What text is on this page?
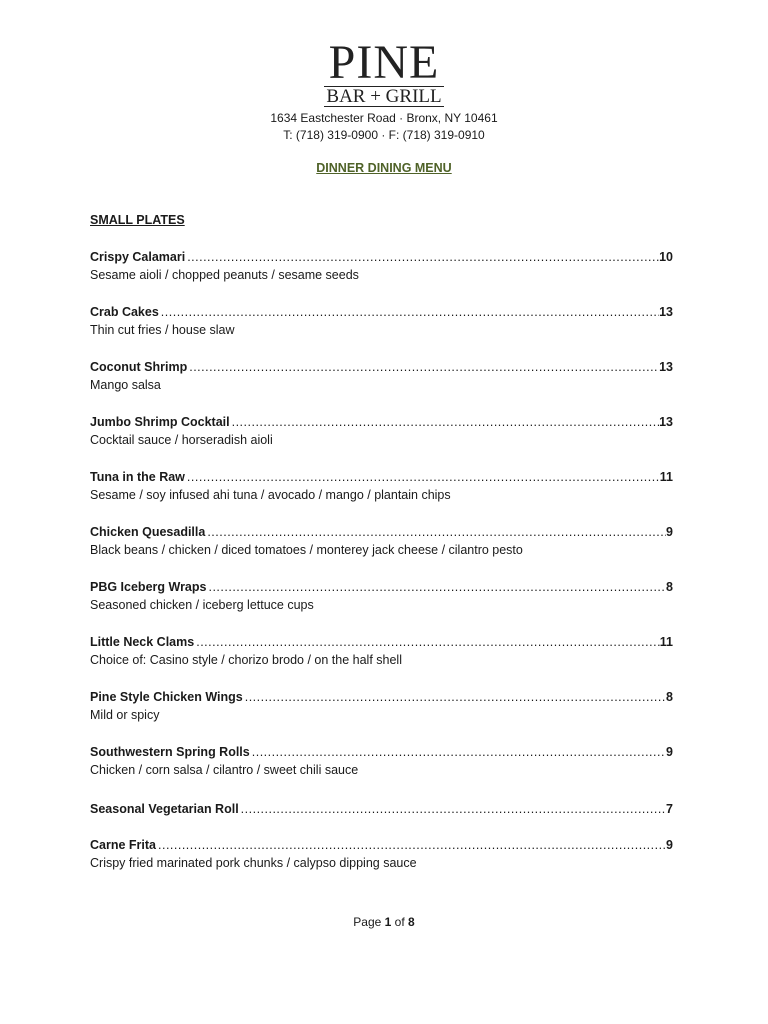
PINE
BAR + GRILL
1634 Eastchester Road · Bronx, NY 10461
T: (718) 319-0900 · F: (718) 319-0910
DINNER DINING MENU
SMALL PLATES
Crispy Calamari .....	10
Sesame aioli / chopped peanuts / sesame seeds
Crab Cakes .....	13
Thin cut fries / house slaw
Coconut Shrimp .....	13
Mango salsa
Jumbo Shrimp Cocktail .....	13
Cocktail sauce / horseradish aioli
Tuna in the Raw .....	11
Sesame / soy infused ahi tuna / avocado / mango / plantain chips
Chicken Quesadilla .....	9
Black beans / chicken / diced tomatoes / monterey jack cheese / cilantro pesto
PBG Iceberg Wraps .....	8
Seasoned chicken / iceberg lettuce cups
Little Neck Clams .....	11
Choice of: Casino style / chorizo brodo / on the half shell
Pine Style Chicken Wings .....	8
Mild or spicy
Southwestern Spring Rolls .....	9
Chicken / corn salsa / cilantro / sweet chili sauce
Seasonal Vegetarian Roll .....	7
Carne Frita .....	9
Crispy fried marinated pork chunks / calypso dipping sauce
Page 1 of 8
